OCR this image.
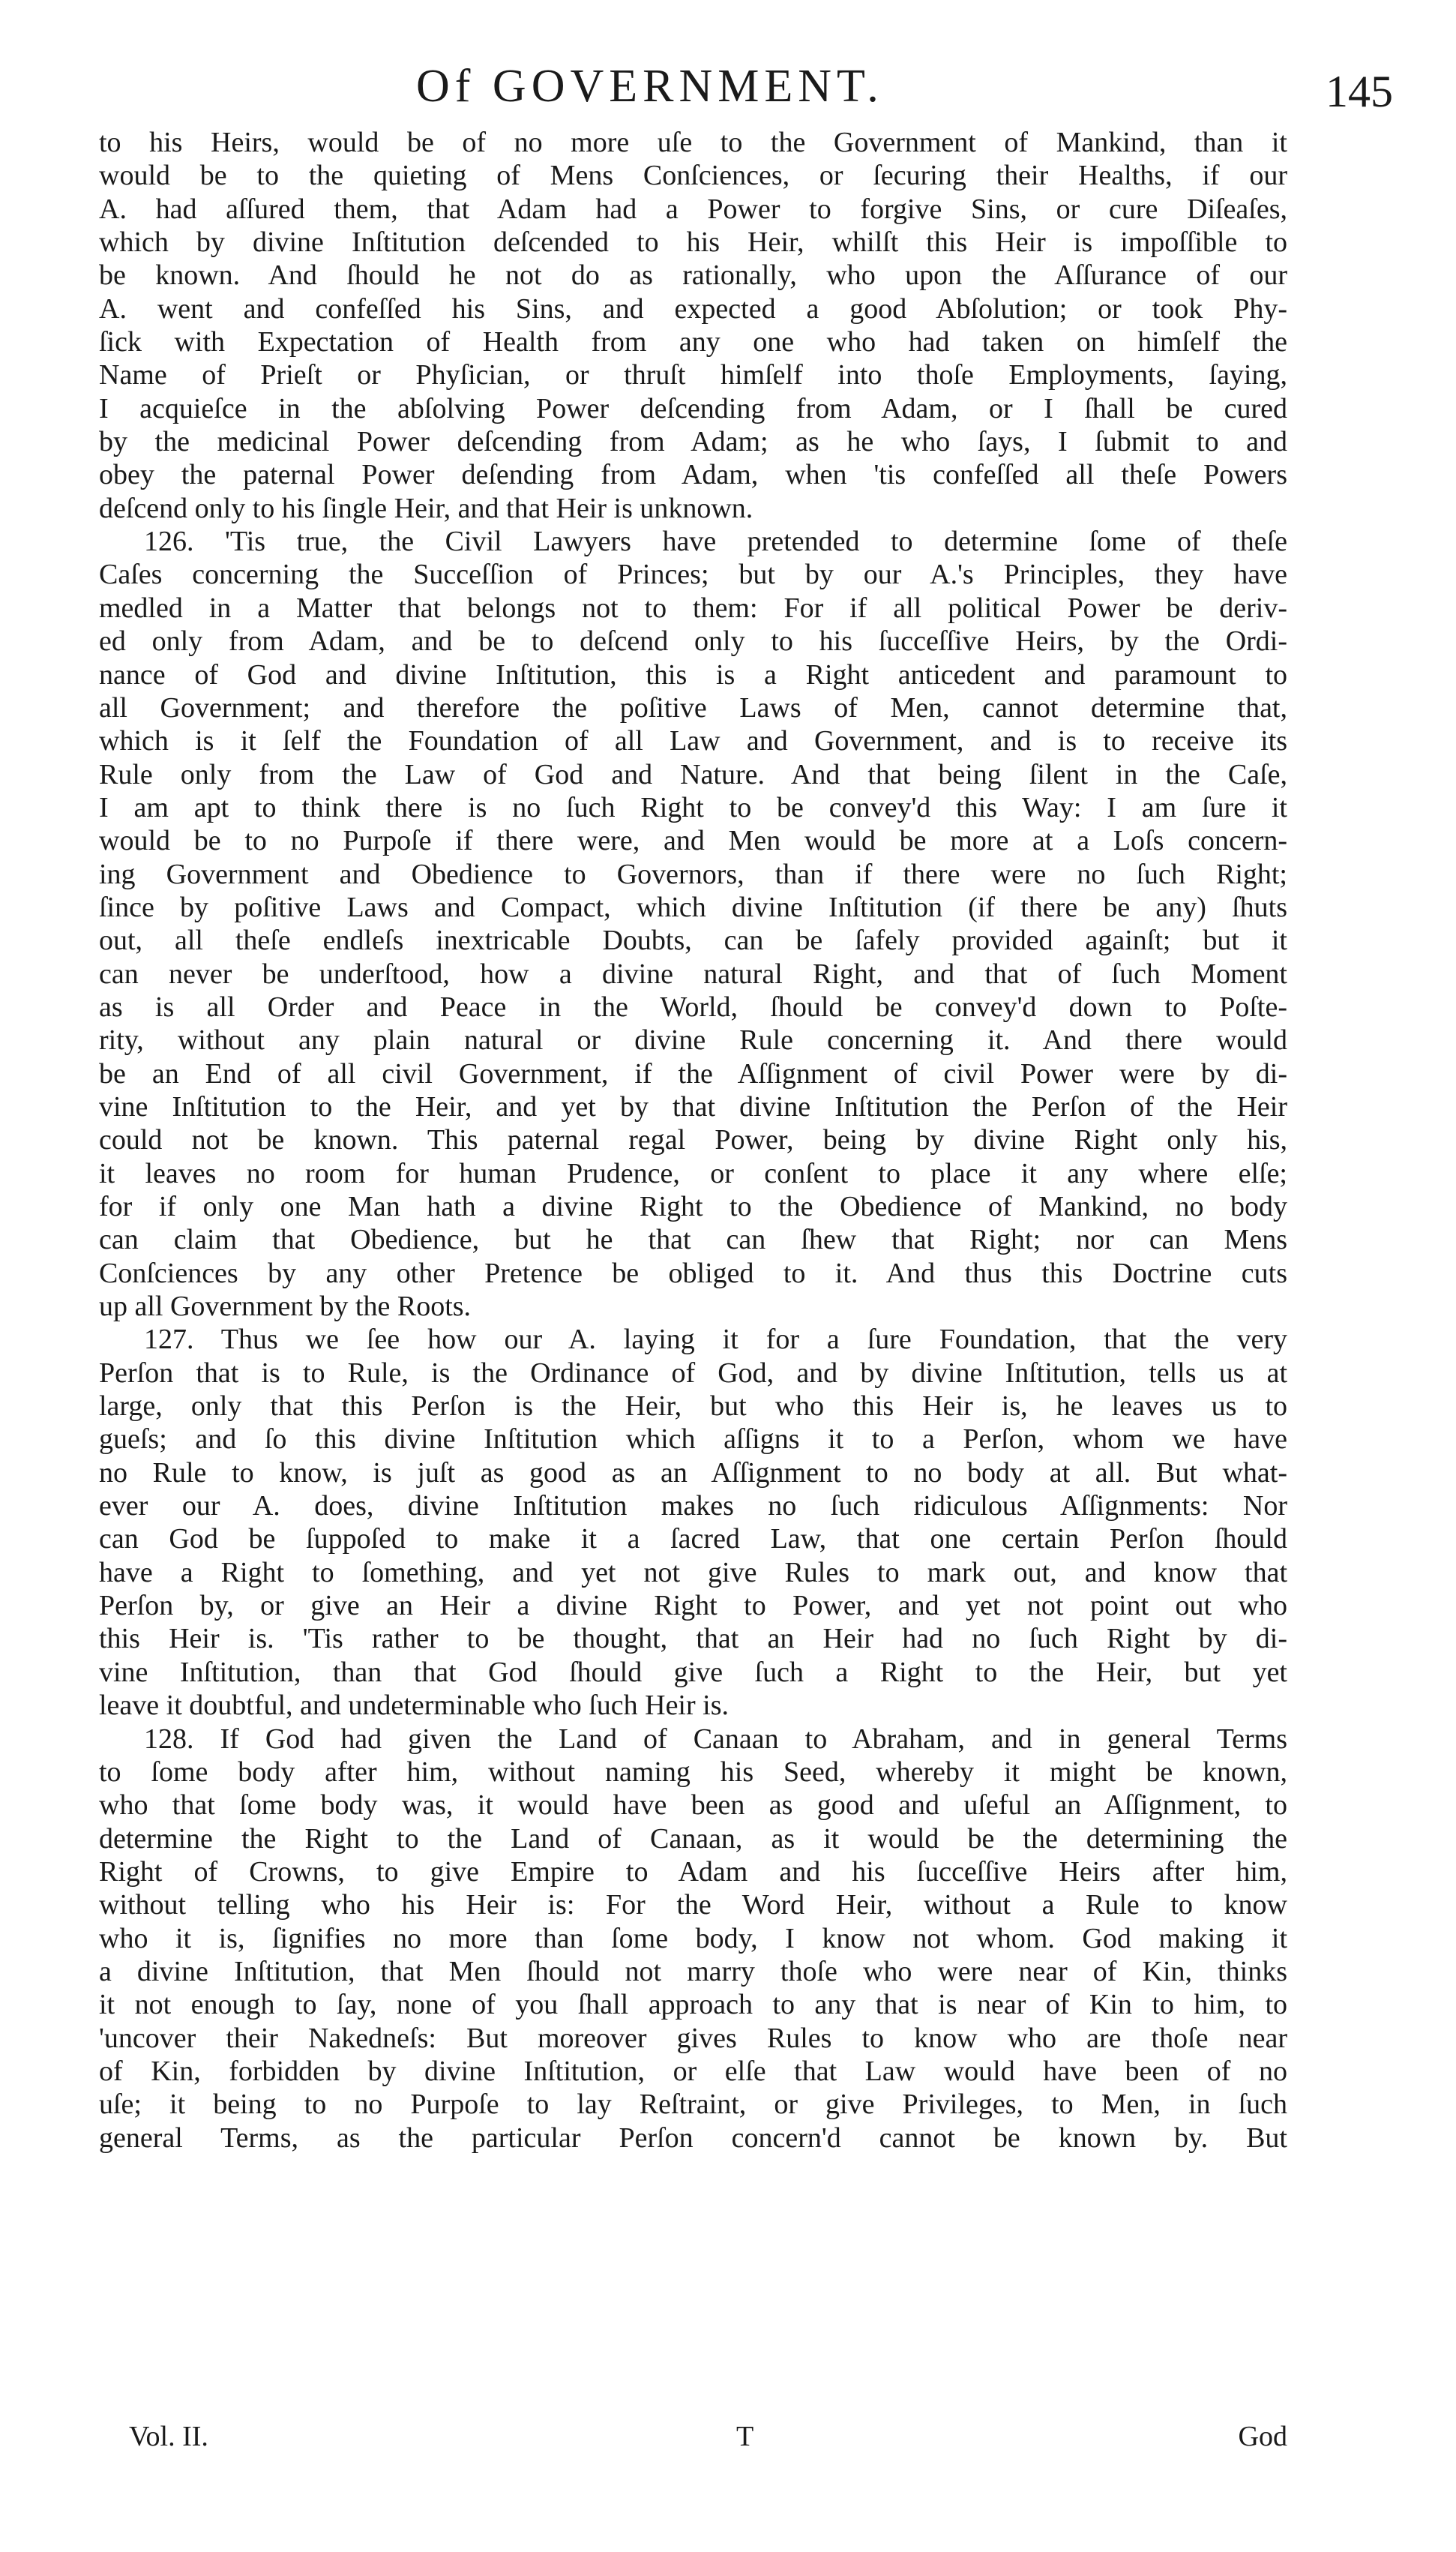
Of GOVERNMENT.	145
to his Heirs, would be of no more uſe to the Government of Mankind, than it
would be to the quieting of Mens Conſciences, or ſecuring their Healths, if our
A. had aſſured them, that Adam had a Power to forgive Sins, or cure Diſeaſes,
which by divine Inſtitution deſcended to his Heir, whilſt this Heir is impoſſible to
be known. And ſhould he not do as rationally, who upon the Aſſurance of our
A. went and confeſſed his Sins, and expected a good Abſolution; or took Phy-
ſick with Expectation of Health from any one who had taken on himſelf the
Name of Prieſt or Phyſician, or thruſt himſelf into thoſe Employments, ſaying,
I acquieſce in the abſolving Power deſcending from Adam, or I ſhall be cured
by the medicinal Power deſcending from Adam; as he who ſays, I ſubmit to and
obey the paternal Power deſending from Adam, when 'tis confeſſed all theſe Powers
deſcend only to his ſingle Heir, and that Heir is unknown.
126. 'Tis true, the Civil Lawyers have pretended to determine ſome of theſe
Caſes concerning the Succeſſion of Princes; but by our A.'s Principles, they have
medled in a Matter that belongs not to them: For if all political Power be deriv-
ed only from Adam, and be to deſcend only to his ſucceſſive Heirs, by the Ordi-
nance of God and divine Inſtitution, this is a Right anticedent and paramount to
all Government; and therefore the poſitive Laws of Men, cannot determine that,
which is it ſelf the Foundation of all Law and Government, and is to receive its
Rule only from the Law of God and Nature. And that being ſilent in the Caſe,
I am apt to think there is no ſuch Right to be convey'd this Way: I am ſure it
would be to no Purpoſe if there were, and Men would be more at a Loſs concern-
ing Government and Obedience to Governors, than if there were no ſuch Right;
ſince by poſitive Laws and Compact, which divine Inſtitution (if there be any) ſhuts
out, all theſe endleſs inextricable Doubts, can be ſafely provided againſt; but it
can never be underſtood, how a divine natural Right, and that of ſuch Moment
as is all Order and Peace in the World, ſhould be convey'd down to Poſte-
rity, without any plain natural or divine Rule concerning it. And there would
be an End of all civil Government, if the Aſſignment of civil Power were by di-
vine Inſtitution to the Heir, and yet by that divine Inſtitution the Perſon of the Heir
could not be known. This paternal regal Power, being by divine Right only his,
it leaves no room for human Prudence, or conſent to place it any where elſe;
for if only one Man hath a divine Right to the Obedience of Mankind, no body
can claim that Obedience, but he that can ſhew that Right; nor can Mens
Conſciences by any other Pretence be obliged to it. And thus this Doctrine cuts
up all Government by the Roots.
127. Thus we ſee how our A. laying it for a ſure Foundation, that the very
Perſon that is to Rule, is the Ordinance of God, and by divine Inſtitution, tells us at
large, only that this Perſon is the Heir, but who this Heir is, he leaves us to
gueſs; and ſo this divine Inſtitution which aſſigns it to a Perſon, whom we have
no Rule to know, is juſt as good as an Aſſignment to no body at all. But what-
ever our A. does, divine Inſtitution makes no ſuch ridiculous Aſſignments: Nor
can God be ſuppoſed to make it a ſacred Law, that one certain Perſon ſhould
have a Right to ſomething, and yet not give Rules to mark out, and know that
Perſon by, or give an Heir a divine Right to Power, and yet not point out who
this Heir is. 'Tis rather to be thought, that an Heir had no ſuch Right by di-
vine Inſtitution, than that God ſhould give ſuch a Right to the Heir, but yet
leave it doubtful, and undeterminable who ſuch Heir is.
128. If God had given the Land of Canaan to Abraham, and in general Terms
to ſome body after him, without naming his Seed, whereby it might be known,
who that ſome body was, it would have been as good and uſeful an Aſſignment, to
determine the Right to the Land of Canaan, as it would be the determining the
Right of Crowns, to give Empire to Adam and his ſucceſſive Heirs after him,
without telling who his Heir is: For the Word Heir, without a Rule to know
who it is, ſignifies no more than ſome body, I know not whom. God making it
a divine Inſtitution, that Men ſhould not marry thoſe who were near of Kin, thinks
it not enough to ſay, none of you ſhall approach to any that is near of Kin to him, to
'uncover their Nakedneſs: But moreover gives Rules to know who are thoſe near
of Kin, forbidden by divine Inſtitution, or elſe that Law would have been of no
uſe; it being to no Purpoſe to lay Reſtraint, or give Privileges, to Men, in ſuch
general Terms, as the particular Perſon concern'd cannot be known by. But
Vol. II.	T	God
